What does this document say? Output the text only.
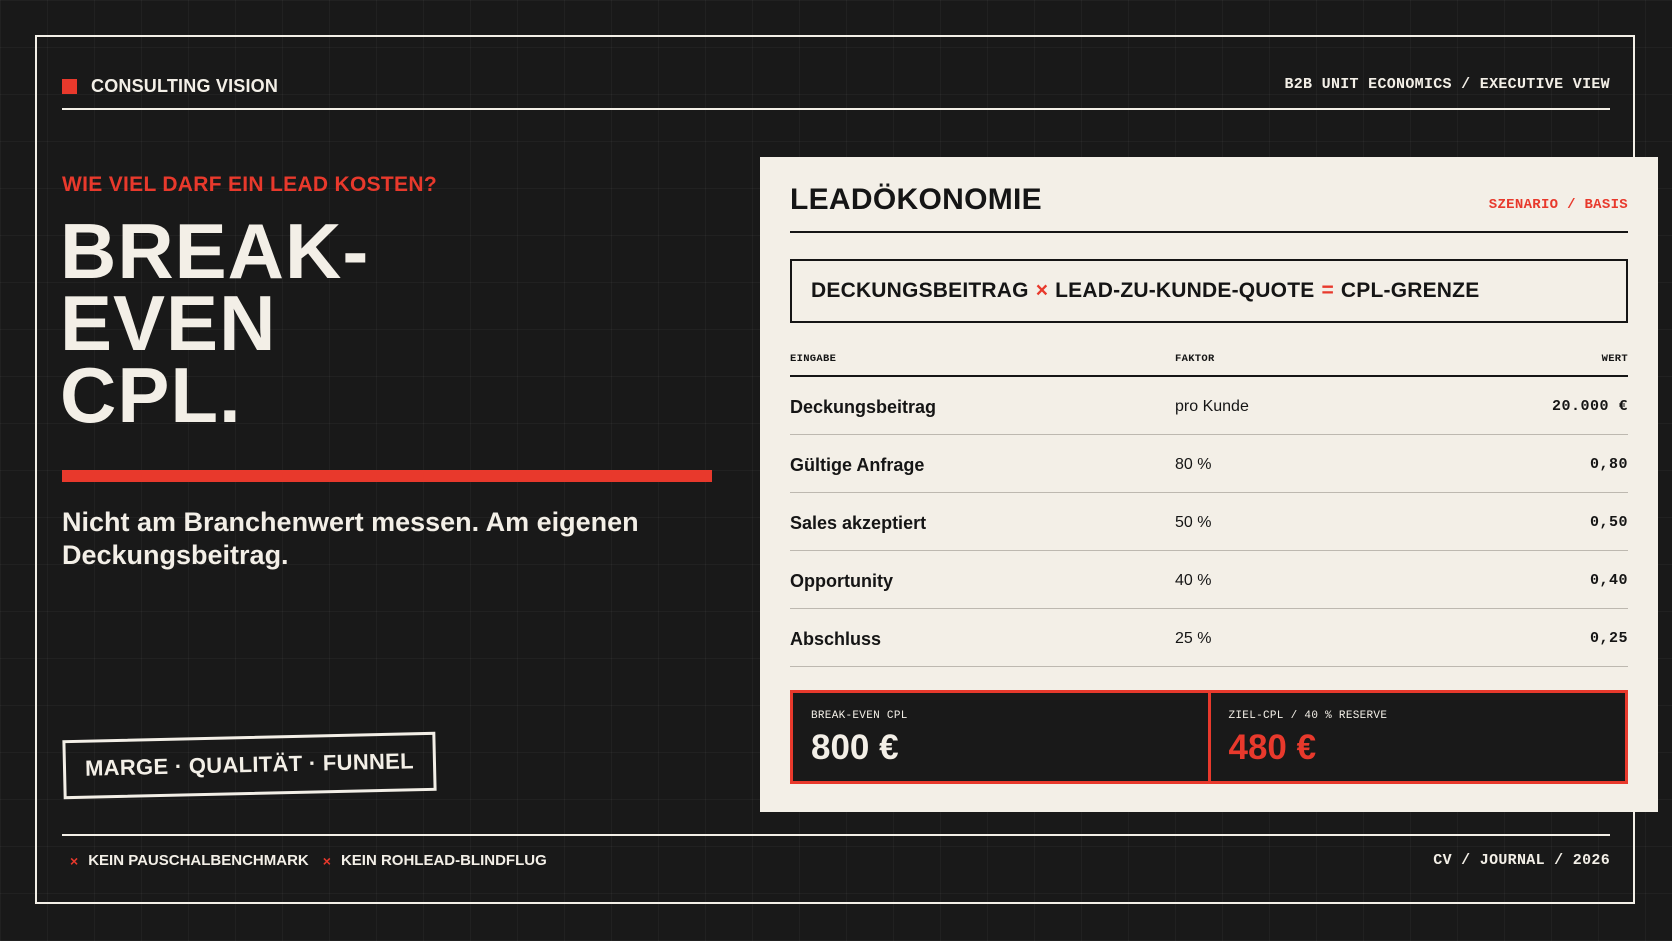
CONSULTING VISION	B2B UNIT ECONOMICS / EXECUTIVE VIEW
WIE VIEL DARF EIN LEAD KOSTEN?
BREAK-
EVEN
CPL.

Nicht am Branchenwert messen. Am eigenen Deckungsbeitrag.

MARGE · QUALITÄT · FUNNEL
LEADÖKONOMIE	SZENARIO / BASIS
DECKUNGSBEITRAG × LEAD-ZU-KUNDE-QUOTE = CPL-GRENZE
EINGABE	FAKTOR	WERT
Deckungsbeitrag	pro Kunde	20.000 €
Gültige Anfrage	80 %	0,80
Sales akzeptiert	50 %	0,50
Opportunity	40 %	0,40
Abschluss	25 %	0,25
BREAK-EVEN CPL
800 €
ZIEL-CPL / 40 % RESERVE
480 €
× KEIN PAUSCHALBENCHMARK × KEIN ROHLEAD-BLINDFLUG	CV / JOURNAL / 2026
